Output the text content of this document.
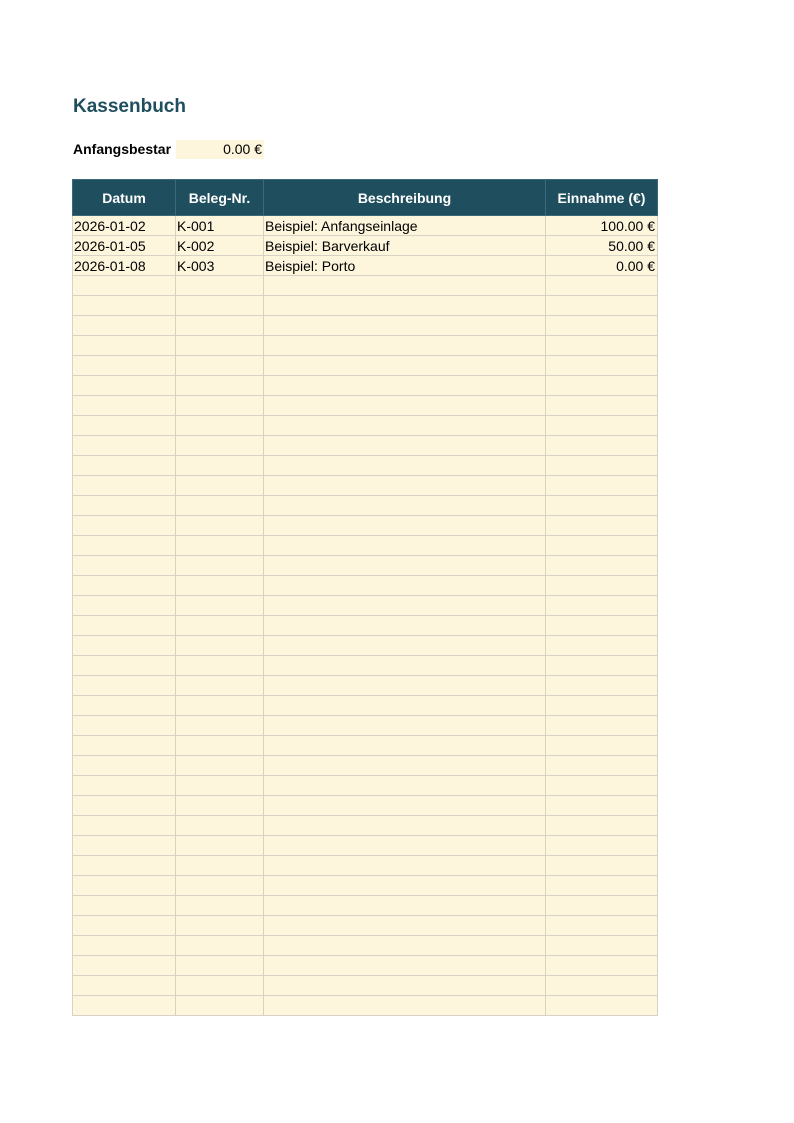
Kassenbuch
Anfangsbestar	0.00 €
Datum	Beleg-Nr.	Beschreibung	Einnahme (€)
2026-01-02	K-001	Beispiel: Anfangseinlage	100.00 €
2026-01-05	K-002	Beispiel: Barverkauf	50.00 €
2026-01-08	K-003	Beispiel: Porto	0.00 €
